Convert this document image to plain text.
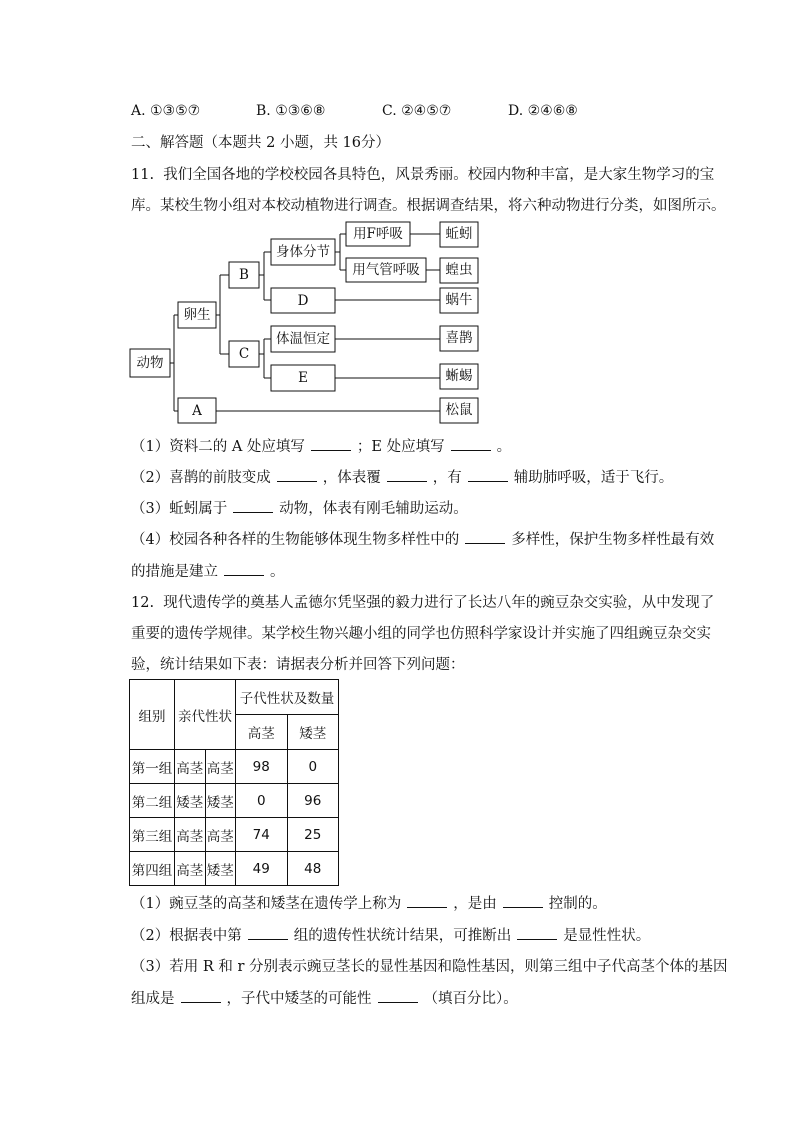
A. ①③⑤⑦	B. ①③⑥⑧	C. ②④⑤⑦	D. ②④⑥⑧
二、解答题（本题共 2 小题，共 16分）
11. 我们全国各地的学校校园各具特色，风景秀丽。校园内物种丰富，是大家生物学习的宝
库。某校生物小组对本校动植物进行调查。根据调查结果，将六种动物进行分类，如图所示。
动物
卵生
A
B
C
身体分节
D
体温恒定
E
用F呼吸
用气管呼吸
蚯蚓
蝗虫
蜗牛
喜鹊
蜥蜴
松鼠
（1）资料二的 A 处应填写	；E 处应填写	。
（2）喜鹊的前肢变成	，体表覆	，有	辅助肺呼吸，适于飞行。
（3）蚯蚓属于	动物，体表有刚毛辅助运动。
（4）校园各种各样的生物能够体现生物多样性中的	多样性，保护生物多样性最有效
的措施是建立	。
12. 现代遗传学的奠基人孟德尔凭坚强的毅力进行了长达八年的豌豆杂交实验，从中发现了
重要的遗传学规律。某学校生物兴趣小组的同学也仿照科学家设计并实施了四组豌豆杂交实
验，统计结果如下表：请据表分析并回答下列问题：
组别	亲代性状		子代性状及数量	
			高茎	矮茎
第一组	高茎	高茎	98	0
第二组	矮茎	矮茎	0	96
第三组	高茎	高茎	74	25
第四组	高茎	矮茎	49	48
（1）豌豆茎的高茎和矮茎在遗传学上称为	，是由	控制的。
（2）根据表中第	组的遗传性状统计结果，可推断出	是显性性状。
（3）若用 R 和 r 分别表示豌豆茎长的显性基因和隐性基因，则第三组中子代高茎个体的基因
组成是	，子代中矮茎的可能性	（填百分比）。
